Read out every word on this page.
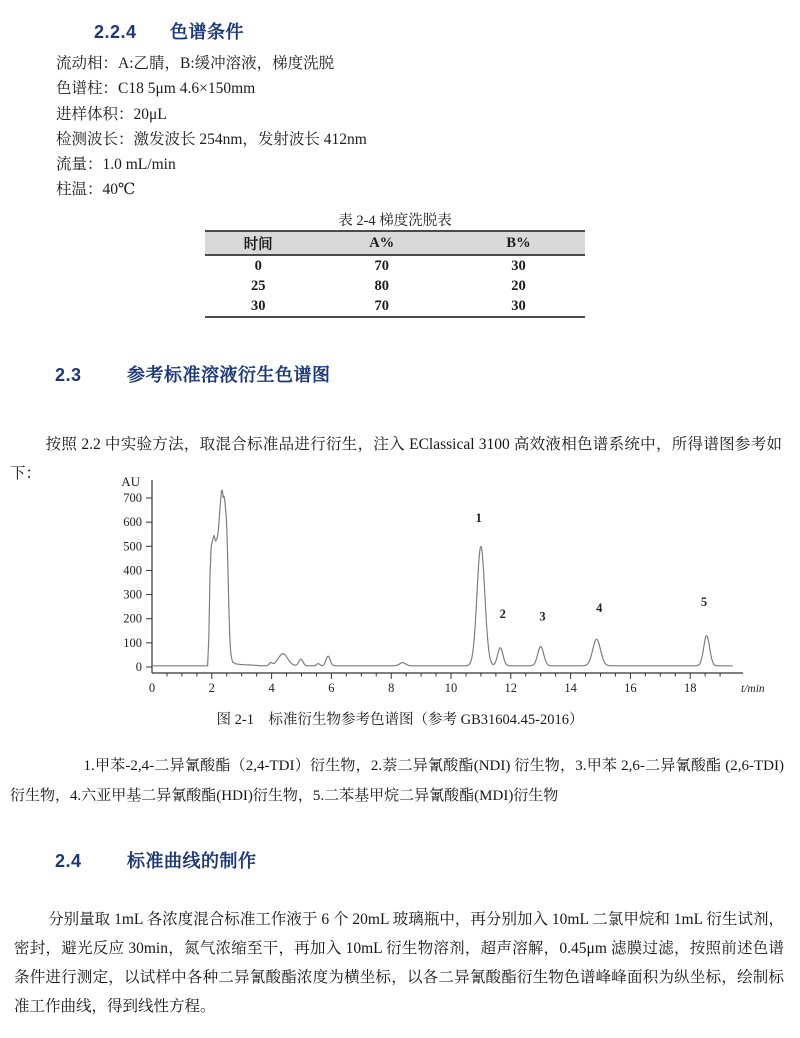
2.2.4	色谱条件
流动相：A:乙腈，B:缓冲溶液，梯度洗脱
色谱柱：C18 5μm 4.6×150mm
进样体积：20μL
检测波长：激发波长 254nm，发射波长 412nm
流量：1.0 mL/min
柱温：40℃
表 2-4 梯度洗脱表
时间	A%	B%
0	70	30
25	80	20
30	70	30
2.3	参考标准溶液衍生色谱图

按照 2.2 中实验方法，取混合标准品进行衍生，注入 EClassical 3100 高效液相色谱系统中，所得谱图参考如下：

0
100
200
300
400
500
600
700
AU
0	2	4	6	8	10	12	14	16	18	t/min
1
2	3
4	5
图 2-1　标准衍生物参考色谱图（参考 GB31604.45-2016）

1.甲苯-2,4-二异氰酸酯（2,4-TDI）衍生物，2.萘二异氰酸酯(NDI) 衍生物，3.甲苯 2,6-二异氰酸酯 (2,6-TDI) 衍生物，4.六亚甲基二异氰酸酯(HDI)衍生物，5.二苯基甲烷二异氰酸酯(MDI)衍生物

2.4	标准曲线的制作

分别量取 1mL 各浓度混合标准工作液于 6 个 20mL 玻璃瓶中，再分别加入 10mL 二氯甲烷和 1mL 衍生试剂，密封，避光反应 30min，氮气浓缩至干，再加入 10mL 衍生物溶剂，超声溶解，0.45μm 滤膜过滤，按照前述色谱条件进行测定，以试样中各种二异氰酸酯浓度为横坐标，以各二异氰酸酯衍生物色谱峰峰面积为纵坐标，绘制标准工作曲线，得到线性方程。
